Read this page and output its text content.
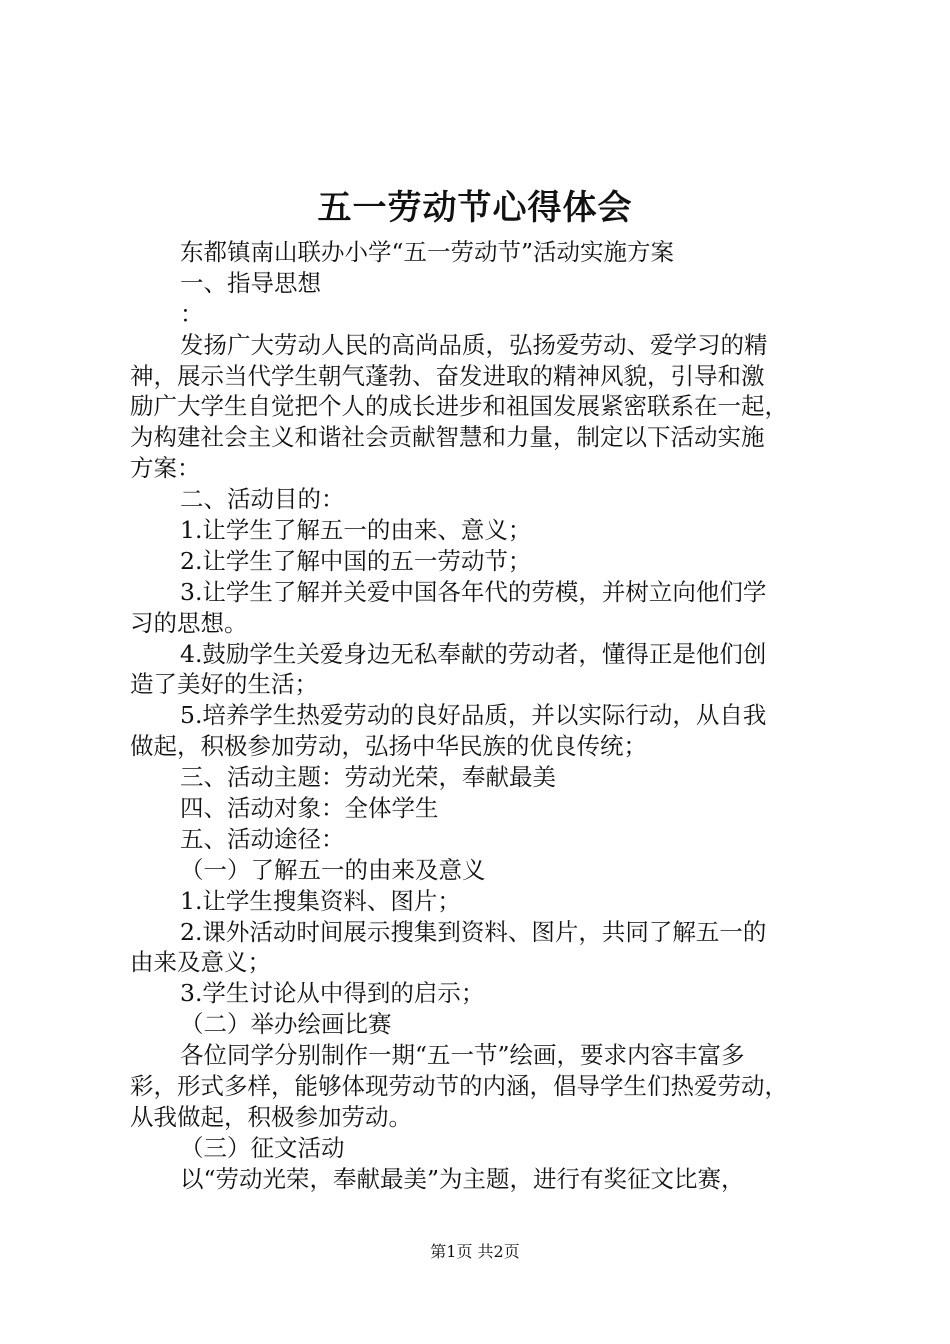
五一劳动节心得体会
东都镇南山联办小学“五一劳动节”活动实施方案
一、指导思想
：
发扬广大劳动人民的高尚品质，弘扬爱劳动、爱学习的精
神，展示当代学生朝气蓬勃、奋发进取的精神风貌，引导和激
励广大学生自觉把个人的成长进步和祖国发展紧密联系在一起，
为构建社会主义和谐社会贡献智慧和力量，制定以下活动实施
方案：
二、活动目的：
1.让学生了解五一的由来、意义；
2.让学生了解中国的五一劳动节；
3.让学生了解并关爱中国各年代的劳模，并树立向他们学
习的思想。
4.鼓励学生关爱身边无私奉献的劳动者，懂得正是他们创
造了美好的生活；
5.培养学生热爱劳动的良好品质，并以实际行动，从自我
做起，积极参加劳动，弘扬中华民族的优良传统；
三、活动主题：劳动光荣，奉献最美
四、活动对象：全体学生
五、活动途径：
（一）了解五一的由来及意义
1.让学生搜集资料、图片；
2.课外活动时间展示搜集到资料、图片，共同了解五一的
由来及意义；
3.学生讨论从中得到的启示；
（二）举办绘画比赛
各位同学分别制作一期“五一节”绘画，要求内容丰富多
彩，形式多样，能够体现劳动节的内涵，倡导学生们热爱劳动，
从我做起，积极参加劳动。
（三）征文活动
以“劳动光荣，奉献最美”为主题，进行有奖征文比赛，
第1页 共2页
